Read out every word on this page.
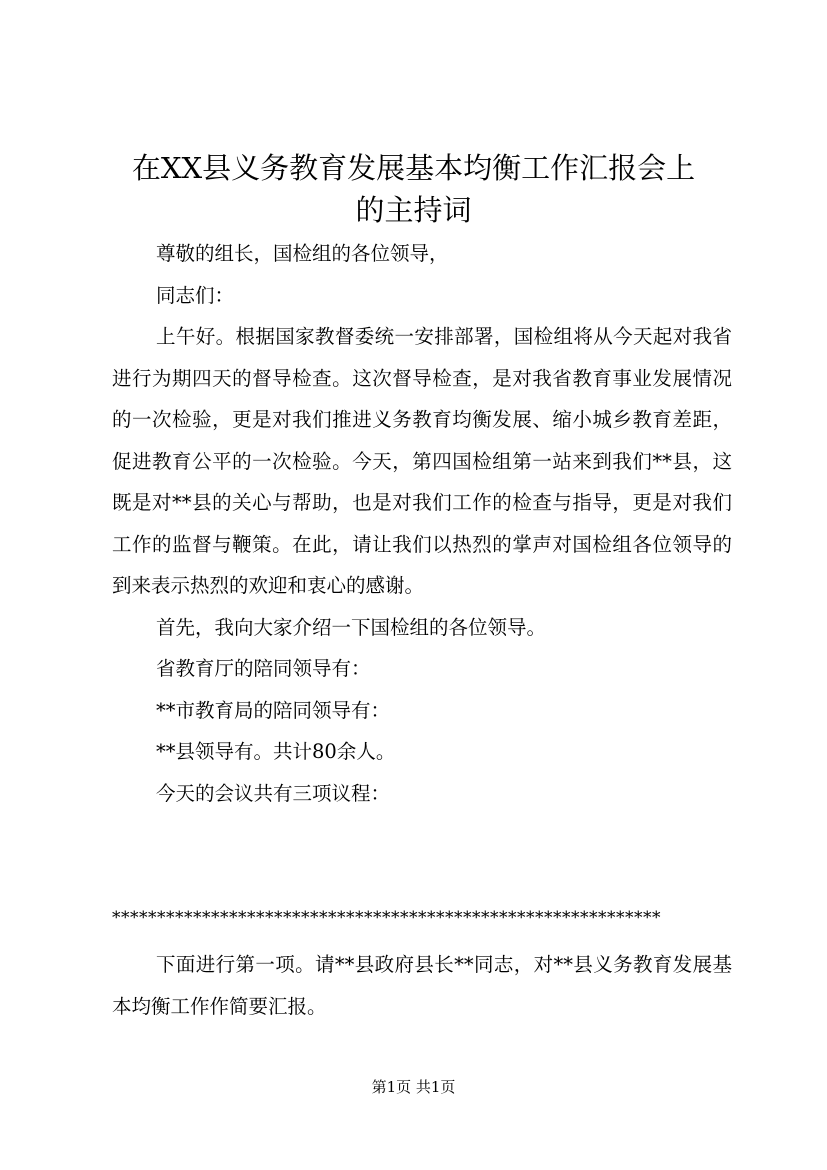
在XX县义务教育发展基本均衡工作汇报会上
的主持词

尊敬的组长，国检组的各位领导，

同志们：

上午好。根据国家教督委统一安排部署，国检组将从今天起对我省进行为期四天的督导检查。这次督导检查，是对我省教育事业发展情况的一次检验，更是对我们推进义务教育均衡发展、缩小城乡教育差距，促进教育公平的一次检验。今天，第四国检组第一站来到我们**县，这既是对**县的关心与帮助，也是对我们工作的检查与指导，更是对我们工作的监督与鞭策。在此，请让我们以热烈的掌声对国检组各位领导的到来表示热烈的欢迎和衷心的感谢。

首先，我向大家介绍一下国检组的各位领导。

省教育厅的陪同领导有：

**市教育局的陪同领导有：

**县领导有。共计80余人。

今天的会议共有三项议程：

*************************************************************

下面进行第一项。请**县政府县长**同志，对**县义务教育发展基本均衡工作作简要汇报。

第1页 共1页
